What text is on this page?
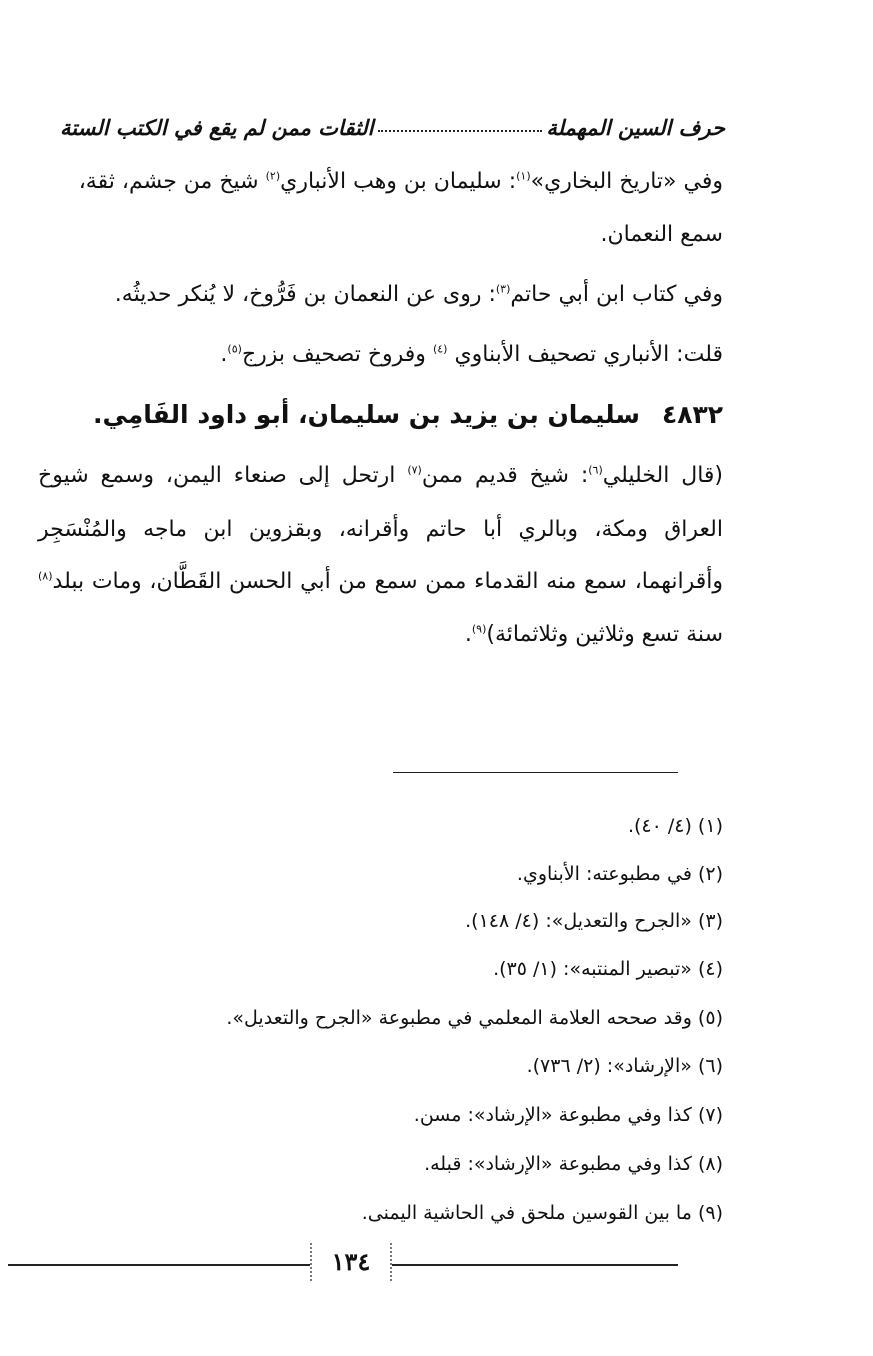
حرف السين المهملة
الثقات ممن لم يقع في الكتب الستة
وفي «تاريخ البخاري»$^{(١)}$: سليمان بن وهب الأنباري$^{(٢)}$ شيخ من جشم، ثقة،
سمع النعمان.
وفي كتاب ابن أبي حاتم$^{(٣)}$: روى عن النعمان بن فَرُّوخ، لا يُنكر حديثُه.
قلت: الأنباري تصحيف الأبناوي $^{(٤)}$ وفروخ تصحيف بزرج$^{(٥)}$.
٤٨٣٢سليمان بن يزيد بن سليمان، أبو داود الفَامِي.
(قال الخليلي$^{(٦)}$: شيخ قديم ممن$^{(٧)}$ ارتحل إلى صنعاء اليمن، وسمع شيوخ
العراق ومكة، وبالري أبا حاتم وأقرانه، وبقزوين ابن ماجه والمُنْسَجِر
وأقرانهما، سمع منه القدماء ممن سمع من أبي الحسن القَطَّان، ومات ببلد$^{(٨)}$
سنة تسع وثلاثين وثلاثمائة)$^{(٩)}$.
(١) (٤/ ٤٠).
(٢) في مطبوعته: الأبناوي.
(٣) «الجرح والتعديل»: (٤/ ١٤٨).
(٤) «تبصير المنتبه»: (١/ ٣٥).
(٥) وقد صححه العلامة المعلمي في مطبوعة «الجرح والتعديل».
(٦) «الإرشاد»: (٢/ ٧٣٦).
(٧) كذا وفي مطبوعة «الإرشاد»: مسن.
(٨) كذا وفي مطبوعة «الإرشاد»: قبله.
(٩) ما بين القوسين ملحق في الحاشية اليمنى.
١٣٤
